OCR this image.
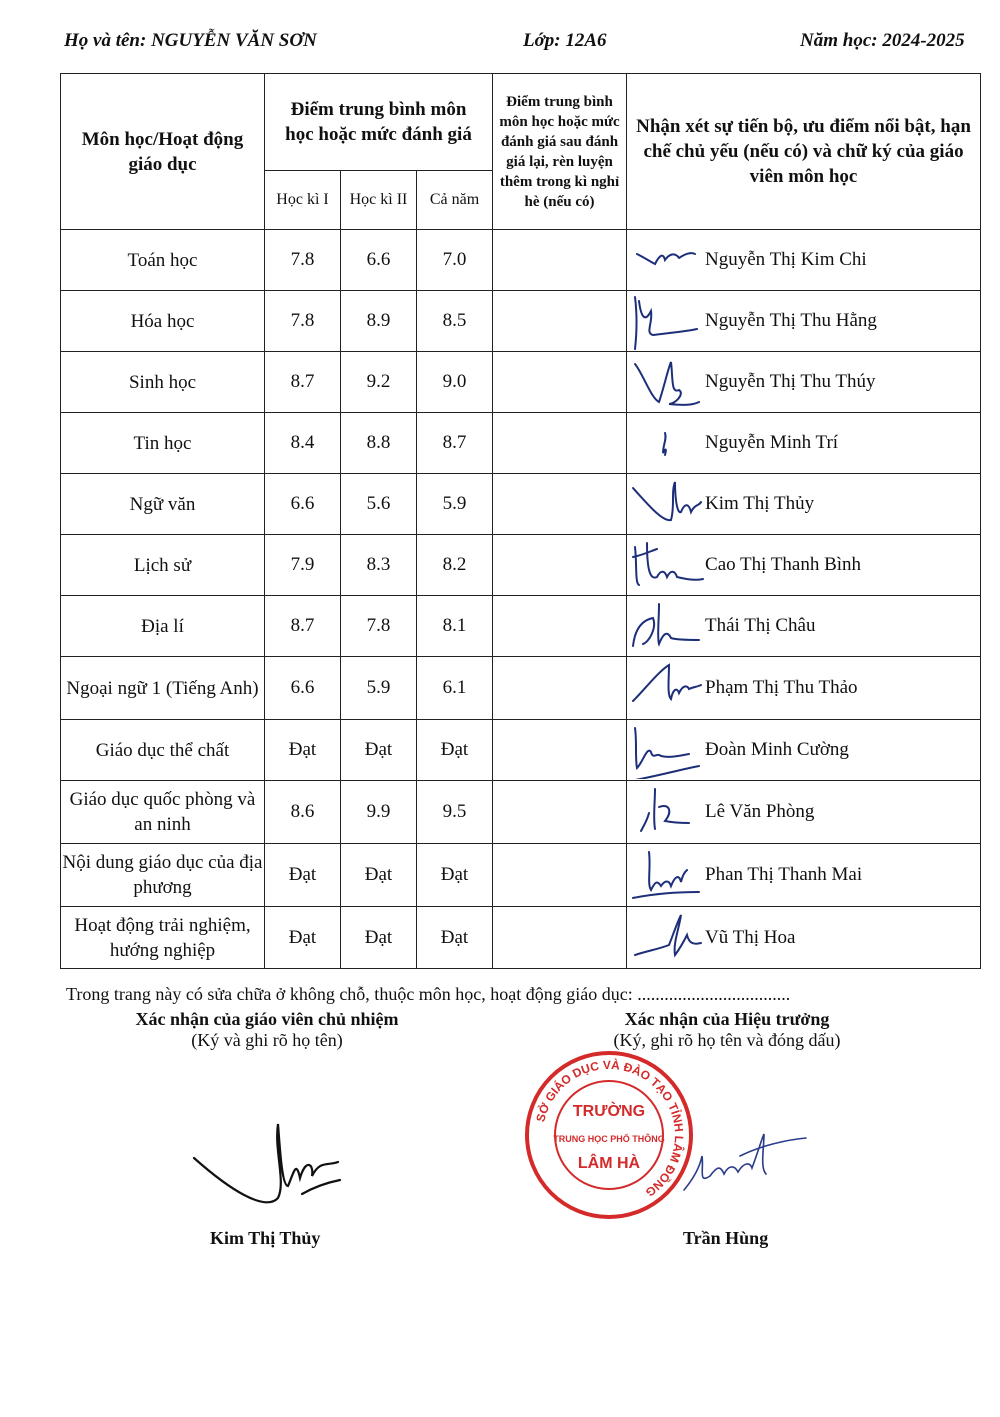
Họ và tên: NGUYỄN VĂN SƠN	Lớp: 12A6	Năm học: 2024-2025
Môn học/Hoạt động giáo dục	Điểm trung bình môn học hoặc mức đánh giá			Điểm trung bình môn học hoặc mức đánh giá sau đánh giá lại, rèn luyện thêm trong kì nghỉ hè (nếu có)	Nhận xét sự tiến bộ, ưu điểm nổi bật, hạn chế chủ yếu (nếu có) và chữ ký của giáo viên môn học

	Học kì I	Học kì II	Cả năm		
Toán học	7.8	6.6	7.0		Nguyễn Thị Kim Chi

Hóa học	7.8	8.9	8.5		Nguyễn Thị Thu Hằng

Sinh học	8.7	9.2	9.0		Nguyễn Thị Thu Thúy

Tin học	8.4	8.8	8.7		Nguyễn Minh Trí

Ngữ văn	6.6	5.6	5.9		Kim Thị Thủy

Lịch sử	7.9	8.3	8.2		Cao Thị Thanh Bình

Địa lí	8.7	7.8	8.1		Thái Thị Châu

Ngoại ngữ 1 (Tiếng Anh)	6.6	5.9	6.1		Phạm Thị Thu Thảo

Giáo dục thể chất	Đạt	Đạt	Đạt		Đoàn Minh Cường

Giáo dục quốc phòng và an ninh	8.6	9.9	9.5		Lê Văn Phòng

Nội dung giáo dục của địa phương	Đạt	Đạt	Đạt		Phan Thị Thanh Mai

Hoạt động trải nghiệm, hướng nghiệp	Đạt	Đạt	Đạt		Vũ Thị Hoa
Trong trang này có sửa chữa ở không chỗ, thuộc môn học, hoạt động giáo dục: ..................................
Xác nhận của giáo viên chủ nhiệm
(Ký và ghi rõ họ tên)
Xác nhận của Hiệu trưởng
(Ký, ghi rõ họ tên và đóng dấu)
Kim Thị Thủy
SỞ GIÁO DỤC VÀ ĐÀO TẠO TỈNH LÂM ĐỒNG
TRƯỜNG
TRUNG HỌC PHỔ THÔNG
LÂM HÀ
Trần Hùng
